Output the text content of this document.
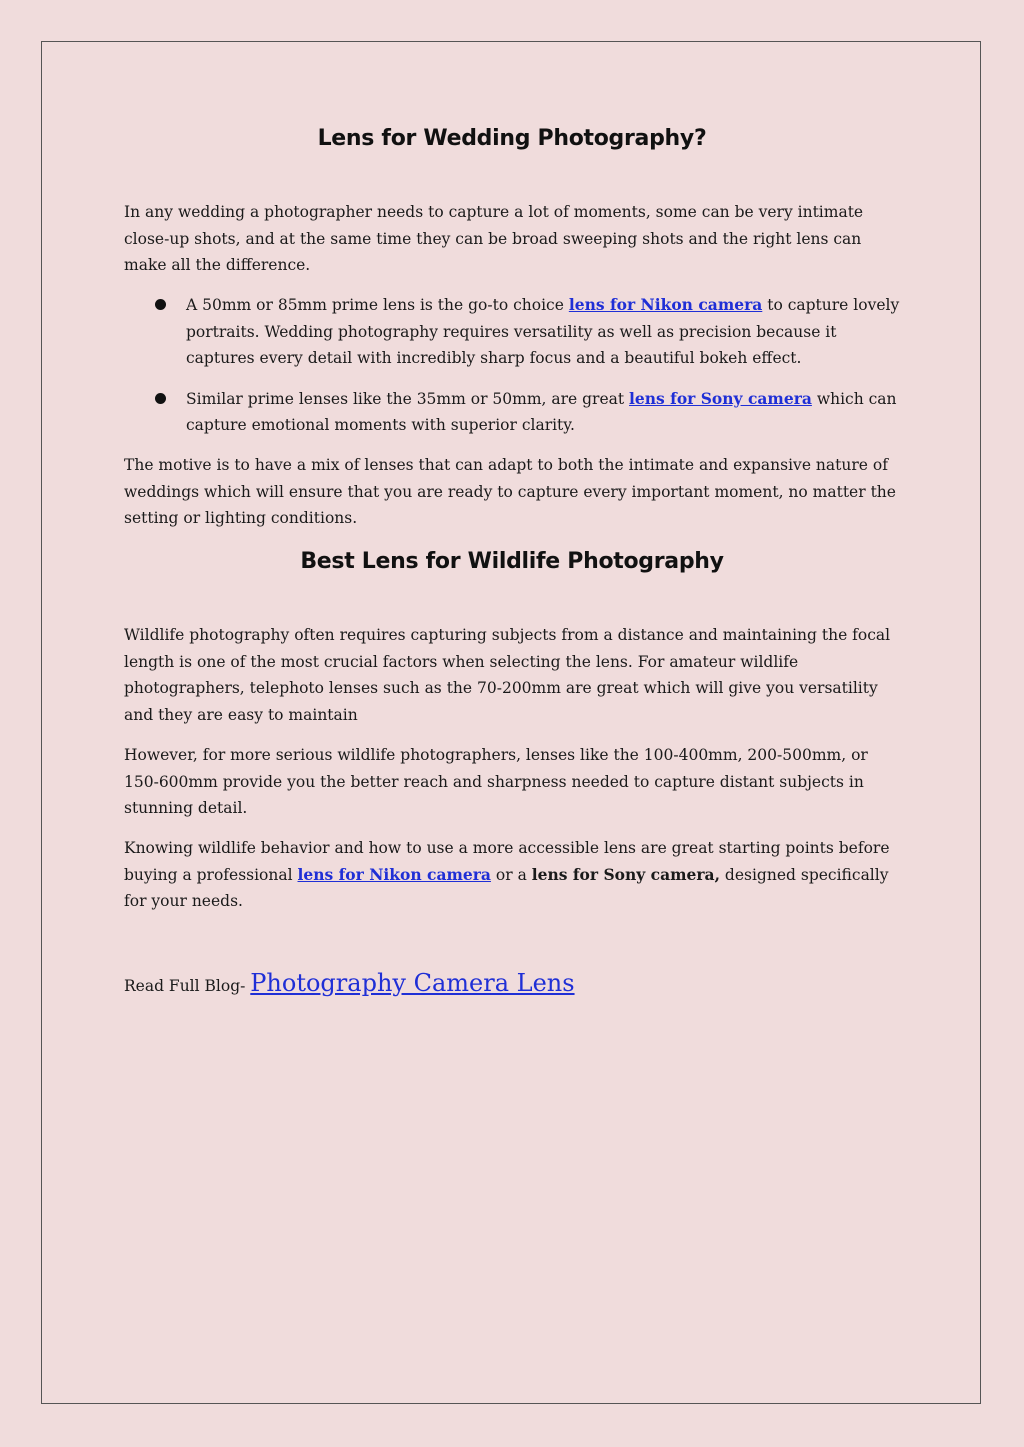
Lens for Wedding Photography?

In any wedding a photographer needs to capture a lot of moments, some can be very intimate close-up shots, and at the same time they can be broad sweeping shots and the right lens can make all the difference.

A 50mm or 85mm prime lens is the go-to choice lens for Nikon camera to capture lovely portraits. Wedding photography requires versatility as well as precision because it captures every detail with incredibly sharp focus and a beautiful bokeh effect.
Similar prime lenses like the 35mm or 50mm, are great lens for Sony camera which can capture emotional moments with superior clarity.

The motive is to have a mix of lenses that can adapt to both the intimate and expansive nature of weddings which will ensure that you are ready to capture every important moment, no matter the setting or lighting conditions.

Best Lens for Wildlife Photography

Wildlife photography often requires capturing subjects from a distance and maintaining the focal length is one of the most crucial factors when selecting the lens. For amateur wildlife photographers, telephoto lenses such as the 70-200mm are great which will give you versatility and they are easy to maintain

However, for more serious wildlife photographers, lenses like the 100-400mm, 200-500mm, or 150-600mm provide you the better reach and sharpness needed to capture distant subjects in stunning detail.

Knowing wildlife behavior and how to use a more accessible lens are great starting points before buying a professional lens for Nikon camera or a lens for Sony camera, designed specifically for your needs.

Read Full Blog- Photography Camera Lens
